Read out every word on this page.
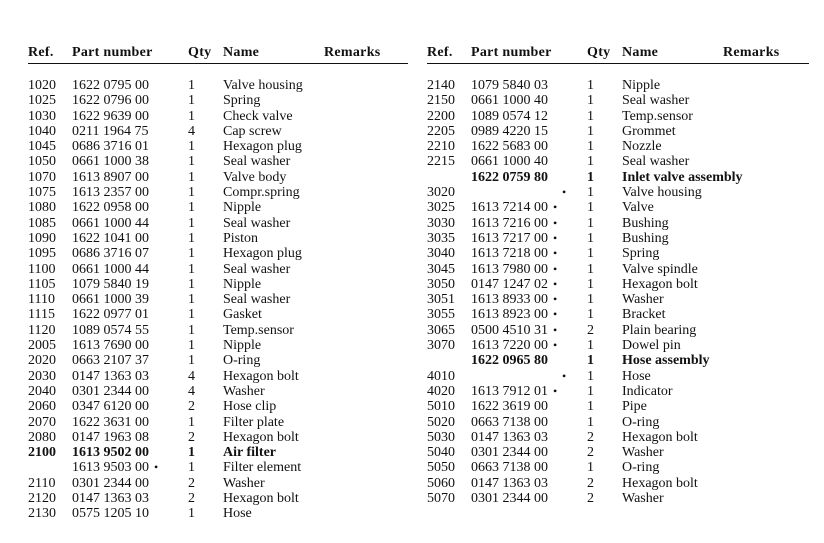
Ref. Part number	Qty Name	Remarks
1020 1622 0795 00	1 Valve housing
1025 1622 0796 00	1 Spring
1030 1622 9639 00	1 Check valve
1040 0211 1964 75	4 Cap screw
1045 0686 3716 01	1 Hexagon plug
1050 0661 1000 38	1 Seal washer
1070 1613 8907 00	1 Valve body
1075 1613 2357 00	1 Compr.spring
1080 1622 0958 00	1 Nipple
1085 0661 1000 44	1 Seal washer
1090 1622 1041 00	1 Piston
1095 0686 3716 07	1 Hexagon plug
1100 0661 1000 44	1 Seal washer
1105 1079 5840 19	1 Nipple
1110 0661 1000 39	1 Seal washer
1115 1622 0977 01	1 Gasket
1120 1089 0574 55	1 Temp.sensor
2005 1613 7690 00	1 Nipple
2020 0663 2107 37	1 O-ring
2030 0147 1363 03	4 Hexagon bolt
2040 0301 2344 00	4 Washer
2060 0347 6120 00	2 Hose clip
2070 1622 3631 00	1 Filter plate
2080 0147 1963 08	2 Hexagon bolt
2100 1613 9502 00	1 Air filter
1613 9503 00 • 1 Filter element
2110 0301 2344 00	2 Washer
2120 0147 1363 03	2 Hexagon bolt
2130 0575 1205 10	1 Hose
Ref. Part number	Qty Name	Remarks
2140 1079 5840 03	1 Nipple
2150 0661 1000 40	1 Seal washer
2200 1089 0574 12	1 Temp.sensor
2205 0989 4220 15	1 Grommet
2210 1622 5683 00	1 Nozzle
2215 0661 1000 40	1 Seal washer
1622 0759 80	1 Inlet valve assembly
3020	• 1 Valve housing
3025 1613 7214 00 • 1 Valve
3030 1613 7216 00 • 1 Bushing
3035 1613 7217 00 • 1 Bushing
3040 1613 7218 00 • 1 Spring
3045 1613 7980 00 • 1 Valve spindle
3050 0147 1247 02 • 1 Hexagon bolt
3051 1613 8933 00 • 1 Washer
3055 1613 8923 00 • 1 Bracket
3065 0500 4510 31 • 2 Plain bearing
3070 1613 7220 00 • 1 Dowel pin
1622 0965 80	1 Hose assembly
4010	• 1 Hose
4020 1613 7912 01 • 1 Indicator
5010 1622 3619 00	1 Pipe
5020 0663 7138 00	1 O-ring
5030 0147 1363 03	2 Hexagon bolt
5040 0301 2344 00	2 Washer
5050 0663 7138 00	1 O-ring
5060 0147 1363 03	2 Hexagon bolt
5070 0301 2344 00	2 Washer
